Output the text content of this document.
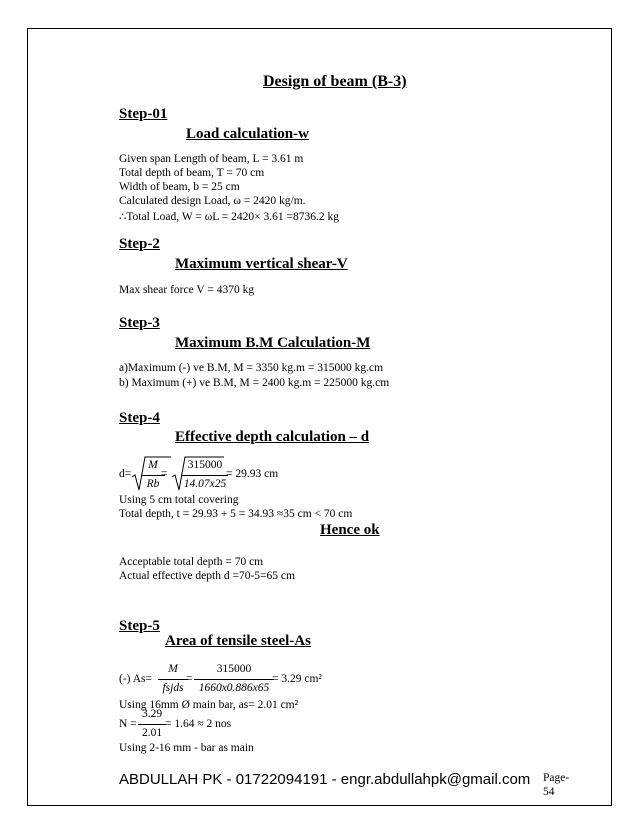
Design of beam (B-3)
Step-01
Load calculation-w
Given span Length of beam, L = 3.61 m
Total depth of beam, T = 70 cm
Width of beam, b = 25 cm
Calculated design Load, ω = 2420 kg/m.
∴Total Load, W = ωL = 2420× 3.61 =8736.2 kg
Step-2
Maximum vertical shear-V
Max shear force V = 4370 kg
Step-3
Maximum B.M Calculation-M
a)Maximum (-) ve B.M, M = 3350 kg.m = 315000 kg.cm
b) Maximum (+) ve B.M, M = 2400 kg.m = 225000 kg.cm
Step-4
Effective depth calculation – d
d=
M
Rb
=
315000
14.07x25
= 29.93 cm
Using 5 cm total covering
Total depth, t = 29.93 + 5 = 34.93 ≈35 cm < 70 cm
Hence ok
Acceptable total depth = 70 cm
Actual effective depth d =70-5=65 cm
Step-5
Area of tensile steel-As
(-) As=
M
fsjds
=
315000
1660x0.886x65
= 3.29 cm²
Using 16mm Ø main bar, as= 2.01 cm²
N =
3.29
2.01
= 1.64 ≈ 2 nos
Using 2-16 mm - bar as main
ABDULLAH PK - 01722094191 - engr.abdullahpk@gmail.com Page-
54
